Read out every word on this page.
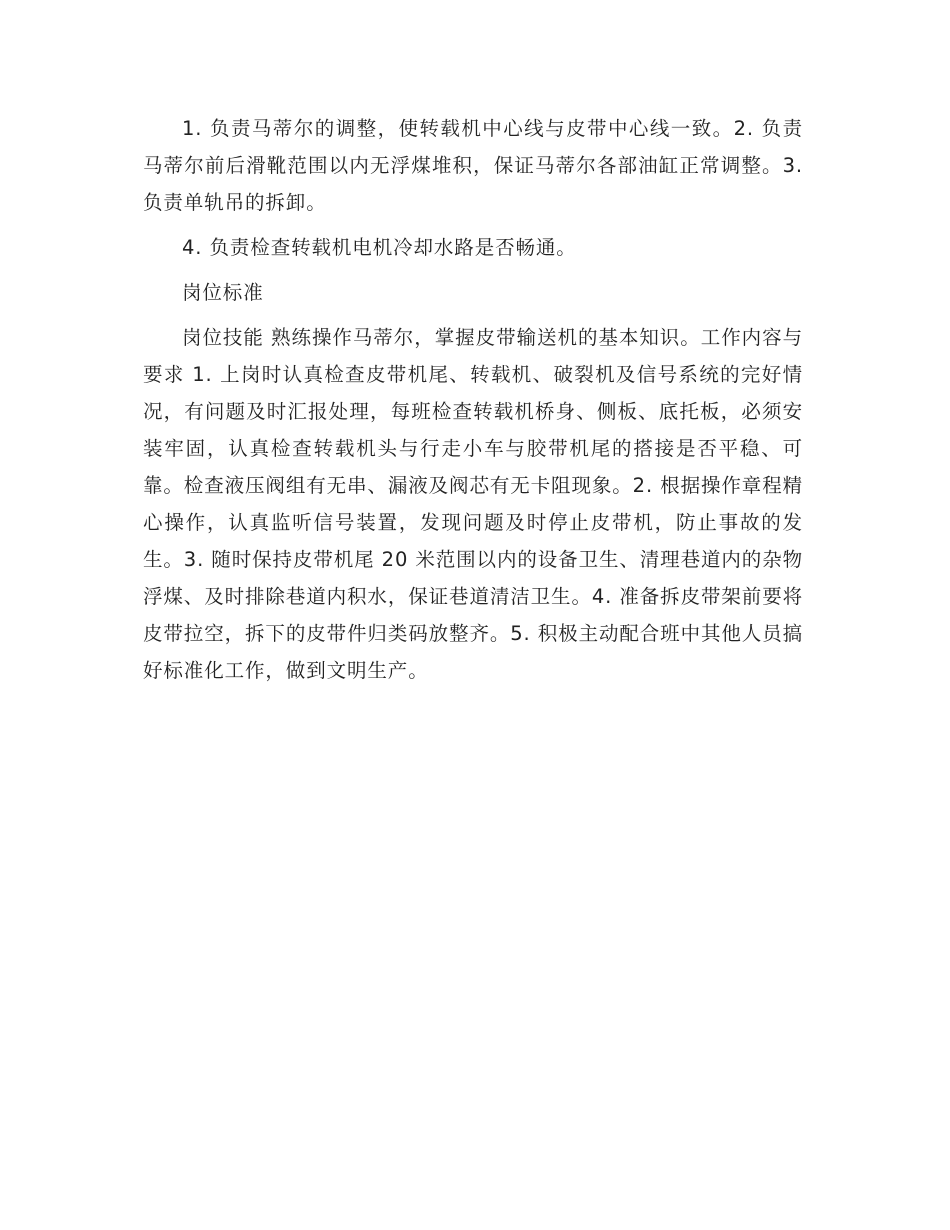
1. 负责马蒂尔的调整，使转载机中心线与皮带中心线一致。2. 负责马蒂尔前后滑靴范围以内无浮煤堆积，保证马蒂尔各部油缸正常调整。3. 负责单轨吊的拆卸。

4. 负责检查转载机电机冷却水路是否畅通。

岗位标准

岗位技能 熟练操作马蒂尔，掌握皮带输送机的基本知识。工作内容与要求 1. 上岗时认真检查皮带机尾、转载机、破裂机及信号系统的完好情况，有问题及时汇报处理，每班检查转载机桥身、侧板、底托板，必须安装牢固，认真检查转载机头与行走小车与胶带机尾的搭接是否平稳、可靠。检查液压阀组有无串、漏液及阀芯有无卡阻现象。2. 根据操作章程精心操作，认真监听信号装置，发现问题及时停止皮带机，防止事故的发生。3. 随时保持皮带机尾 20 米范围以内的设备卫生、清理巷道内的杂物浮煤、及时排除巷道内积水，保证巷道清洁卫生。4. 准备拆皮带架前要将皮带拉空，拆下的皮带件归类码放整齐。5. 积极主动配合班中其他人员搞好标准化工作，做到文明生产。
